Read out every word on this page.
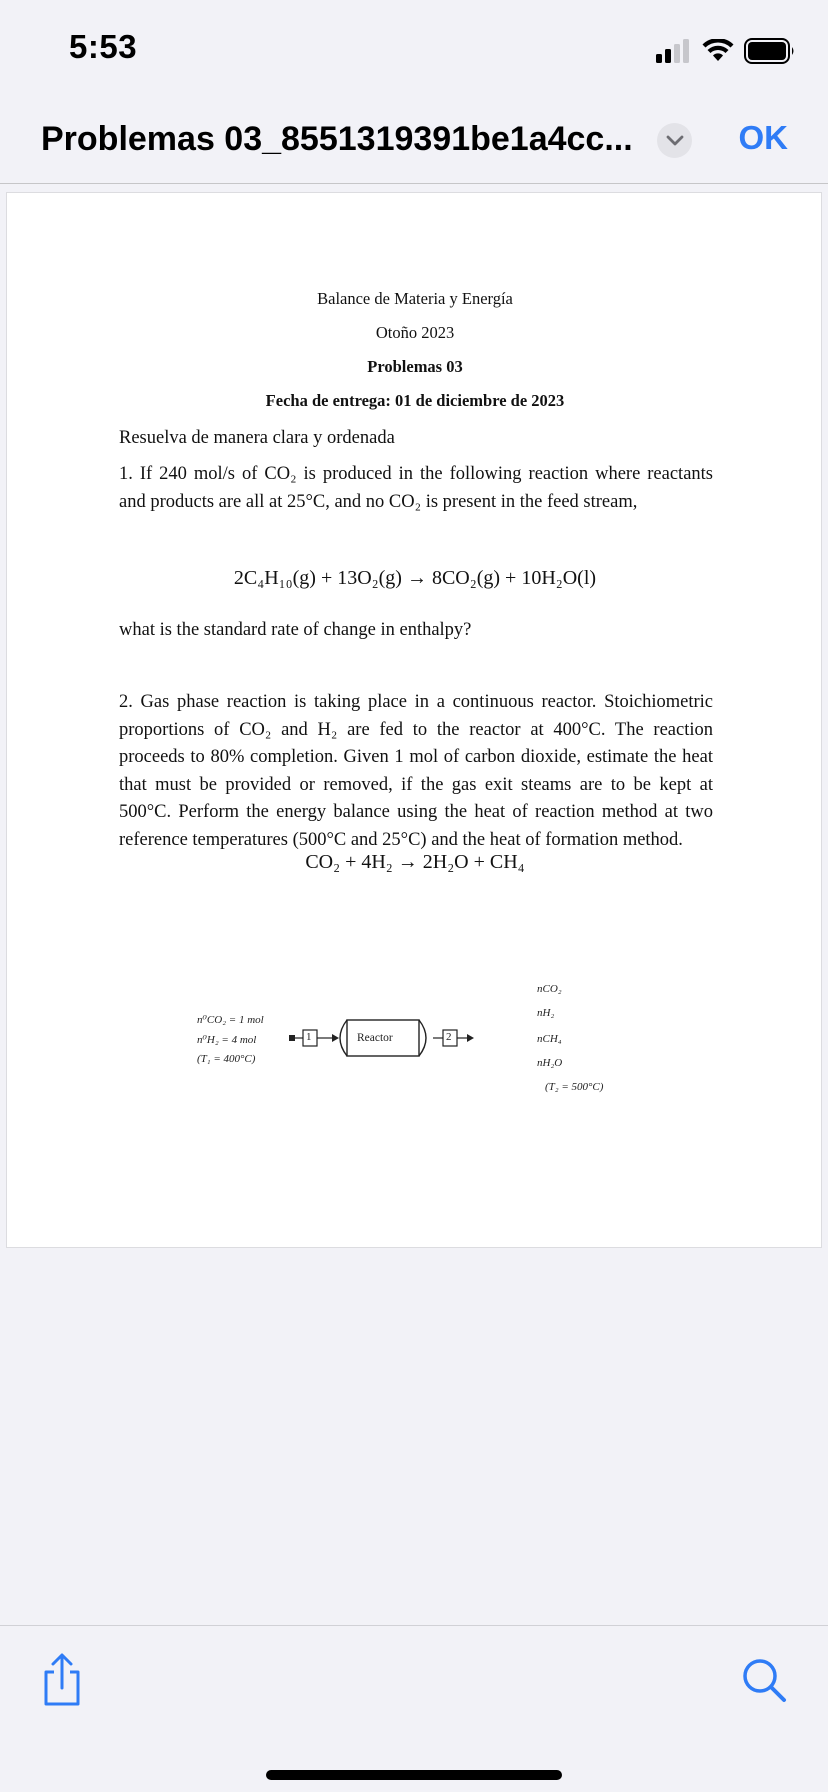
5:53
Problemas 03_8551319391be1a4cc...	OK
Balance de Materia y Energía
Otoño 2023
Problemas 03
Fecha de entrega: 01 de diciembre de 2023
Resuelva de manera clara y ordenada
1. If 240 mol/s of CO₂ is produced in the following reaction where reactants and products are all at 25°C, and no CO₂ is present in the feed stream,
2C₄H₁₀(g) + 13O₂(g) → 8CO₂(g) + 10H₂O(l)
what is the standard rate of change in enthalpy?
2. Gas phase reaction is taking place in a continuous reactor. Stoichiometric proportions of CO₂ and H₂ are fed to the reactor at 400°C. The reaction proceeds to 80% completion. Given 1 mol of carbon dioxide, estimate the heat that must be provided or removed, if the gas exit steams are to be kept at 500°C. Perform the energy balance using the heat of reaction method at two reference temperatures (500°C and 25°C) and the heat of formation method.
CO₂ + 4H₂ → 2H₂O + CH₄
n⁰CO₂ = 1 mol
n⁰H₂ = 4 mol
(T₁ = 400°C)
1	Reactor	2
nCO₂
nH₂
nCH₄
nH₂O
(T₂ = 500°C)
